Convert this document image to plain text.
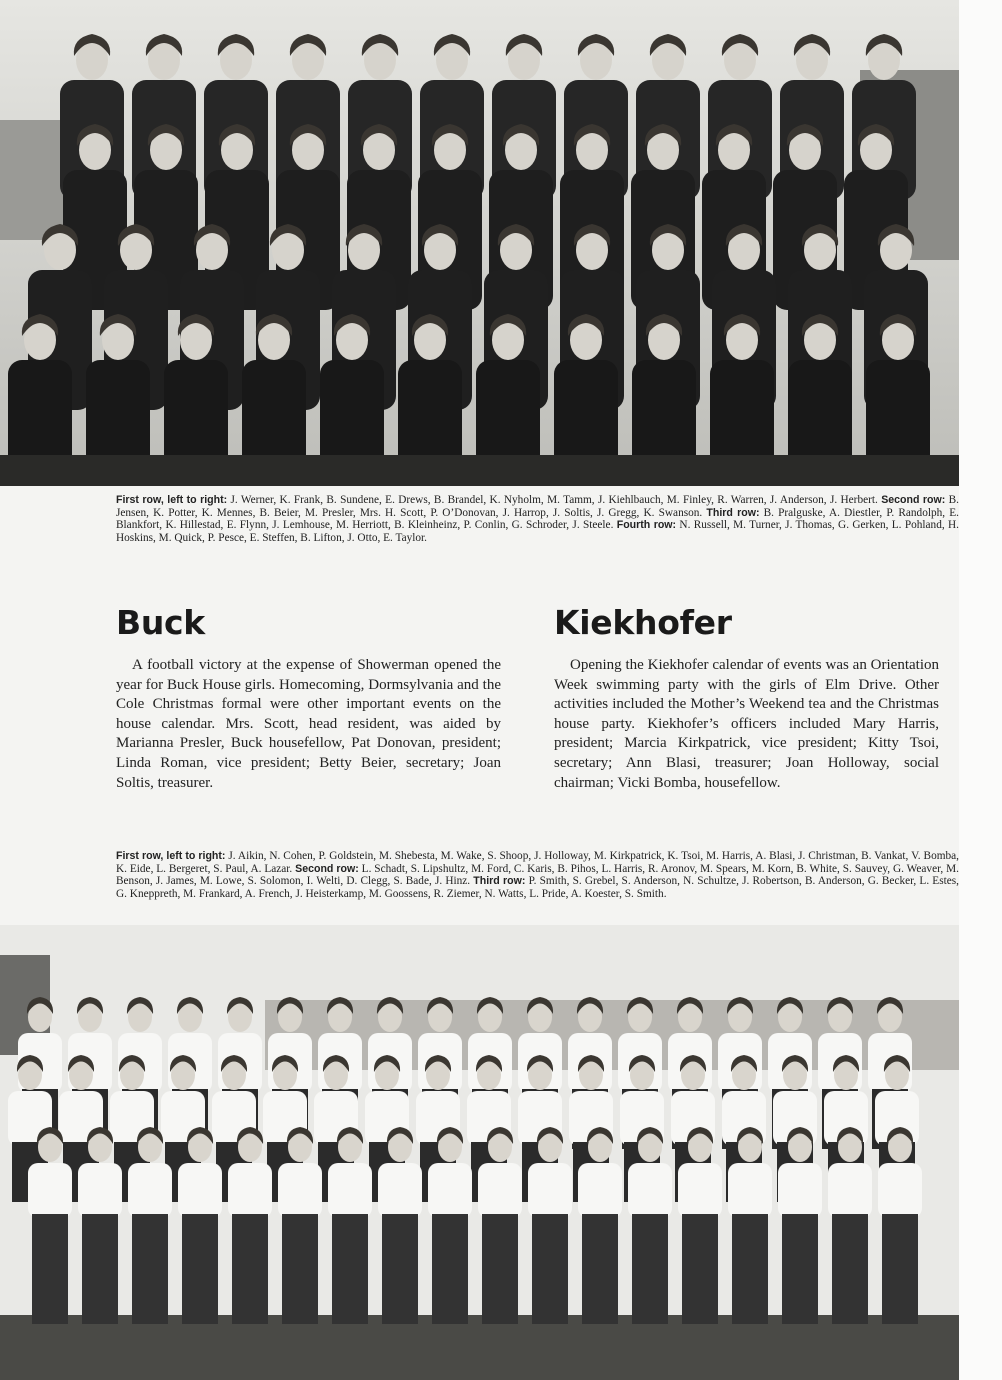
First row, left to right: J. Werner, K. Frank, B. Sundene, E. Drews, B. Brandel, K. Nyholm, M. Tamm, J. Kiehlbauch, M. Finley, R. Warren, J. Anderson, J. Herbert. Second row: B. Jensen, K. Potter, K. Mennes, B. Beier, M. Presler, Mrs. H. Scott, P. O’Donovan, J. Harrop, J. Soltis, J. Gregg, K. Swanson. Third row: B. Pralguske, A. Diestler, P. Randolph, E. Blankfort, K. Hillestad, E. Flynn, J. Lemhouse, M. Herriott, B. Kleinheinz, P. Conlin, G. Schroder, J. Steele. Fourth row: N. Russell, M. Turner, J. Thomas, G. Gerken, L. Pohland, H. Hoskins, M. Quick, P. Pesce, E. Steffen, B. Lifton, J. Otto, E. Taylor.
Buck	Kiekhofer

A football victory at the expense of Showerman opened the year for Buck House girls. Homecoming, Dormsylvania and the Cole Christmas formal were other important events on the house calendar. Mrs. Scott, head resident, was aided by Marianna Presler, Buck housefellow, Pat Donovan, president; Linda Roman, vice president; Betty Beier, secretary; Joan Soltis, treasurer.

Opening the Kiekhofer calendar of events was an Orientation Week swimming party with the girls of Elm Drive. Other activities included the Mother’s Weekend tea and the Christmas house party. Kiekhofer’s officers included Mary Harris, president; Marcia Kirkpatrick, vice president; Kitty Tsoi, secretary; Ann Blasi, treasurer; Joan Holloway, social chairman; Vicki Bomba, housefellow.

First row, left to right: J. Aikin, N. Cohen, P. Goldstein, M. Shebesta, M. Wake, S. Shoop, J. Holloway, M. Kirkpatrick, K. Tsoi, M. Harris, A. Blasi, J. Christman, B. Vankat, V. Bomba, K. Eide, L. Bergeret, S. Paul, A. Lazar. Second row: L. Schadt, S. Lipshultz, M. Ford, C. Karis, B. Pihos, L. Harris, R. Aronov, M. Spears, M. Korn, B. White, S. Sauvey, G. Weaver, M. Benson, J. James, M. Lowe, S. Solomon, I. Welti, D. Clegg, S. Bade, J. Hinz. Third row: P. Smith, S. Grebel, S. Anderson, N. Schultze, J. Robertson, B. Anderson, G. Becker, L. Estes, G. Kneppreth, M. Frankard, A. French, J. Heisterkamp, M. Goossens, R. Ziemer, N. Watts, L. Pride, A. Koester, S. Smith.
